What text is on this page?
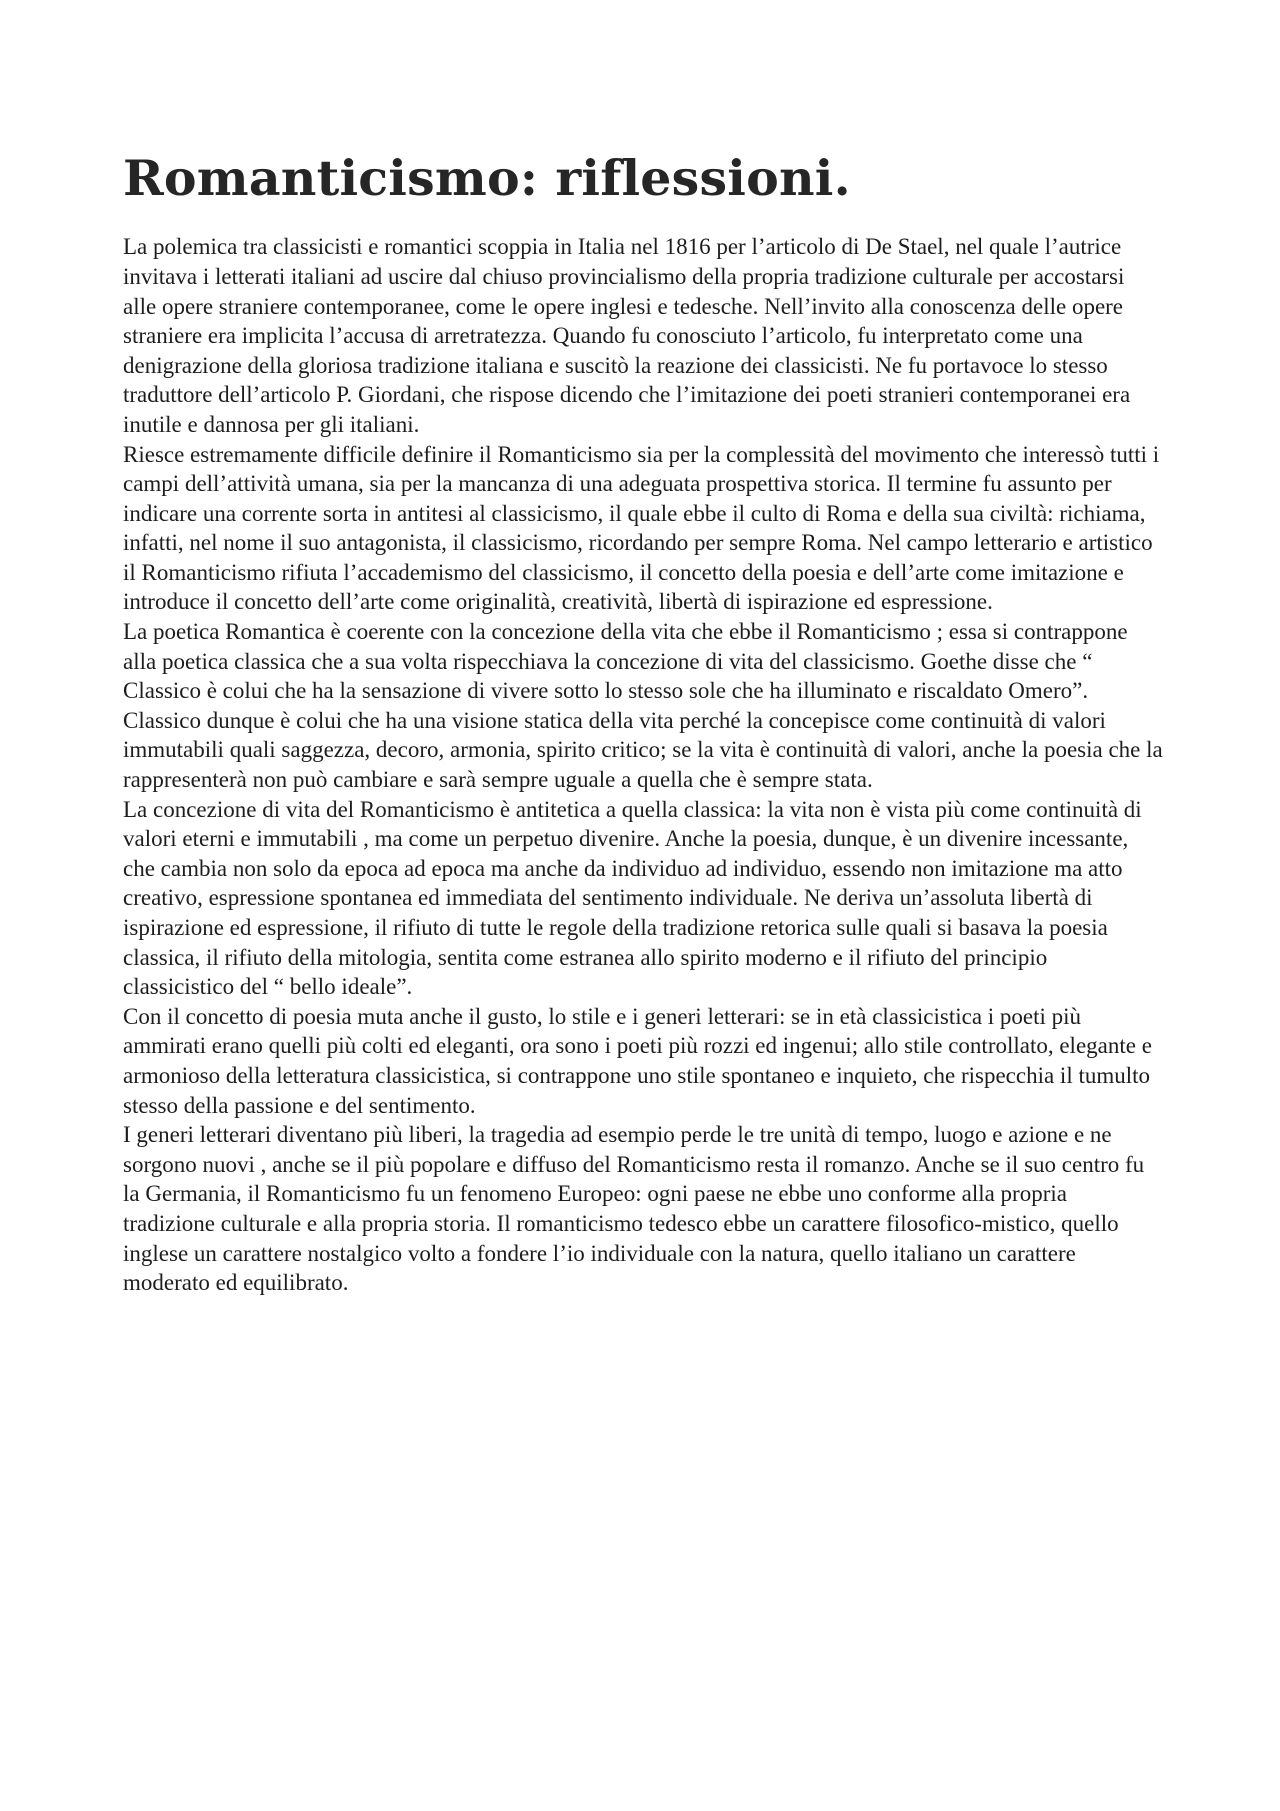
Romanticismo: riflessioni.

La polemica tra classicisti e romantici scoppia in Italia nel 1816 per l’articolo di De Stael, nel quale l’autrice invitava i letterati italiani ad uscire dal chiuso provincialismo della propria tradizione culturale per accostarsi alle opere straniere contemporanee, come le opere inglesi e tedesche. Nell’invito alla conoscenza delle opere straniere era implicita l’accusa di arretratezza. Quando fu conosciuto l’articolo, fu interpretato come una denigrazione della gloriosa tradizione italiana e suscitò la reazione dei classicisti. Ne fu portavoce lo stesso traduttore dell’articolo P. Giordani, che rispose dicendo che l’imitazione dei poeti stranieri contemporanei era inutile e dannosa per gli italiani.

Riesce estremamente difficile definire il Romanticismo sia per la complessità del movimento che interessò tutti i campi dell’attività umana, sia per la mancanza di una adeguata prospettiva storica. Il termine fu assunto per indicare una corrente sorta in antitesi al classicismo, il quale ebbe il culto di Roma e della sua civiltà: richiama, infatti, nel nome il suo antagonista, il classicismo, ricordando per sempre Roma. Nel campo letterario e artistico il Romanticismo rifiuta l’accademismo del classicismo, il concetto della poesia e dell’arte come imitazione e introduce il concetto dell’arte come originalità, creatività, libertà di ispirazione ed espressione.

La poetica Romantica è coerente con la concezione della vita che ebbe il Romanticismo ; essa si contrappone alla poetica classica che a sua volta rispecchiava la concezione di vita del classicismo. Goethe disse che “ Classico è colui che ha la sensazione di vivere sotto lo stesso sole che ha illuminato e riscaldato Omero”. Classico dunque è colui che ha una visione statica della vita perché la concepisce come continuità di valori immutabili quali saggezza, decoro, armonia, spirito critico; se la vita è continuità di valori, anche la poesia che la rappresenterà non può cambiare e sarà sempre uguale a quella che è sempre stata.

La concezione di vita del Romanticismo è antitetica a quella classica: la vita non è vista più come continuità di valori eterni e immutabili , ma come un perpetuo divenire. Anche la poesia, dunque, è un divenire incessante, che cambia non solo da epoca ad epoca ma anche da individuo ad individuo, essendo non imitazione ma atto creativo, espressione spontanea ed immediata del sentimento individuale. Ne deriva un’assoluta libertà di ispirazione ed espressione, il rifiuto di tutte le regole della tradizione retorica sulle quali si basava la poesia classica, il rifiuto della mitologia, sentita come estranea allo spirito moderno e il rifiuto del principio classicistico del “ bello ideale”.

Con il concetto di poesia muta anche il gusto, lo stile e i generi letterari: se in età classicistica i poeti più ammirati erano quelli più colti ed eleganti, ora sono i poeti più rozzi ed ingenui; allo stile controllato, elegante e armonioso della letteratura classicistica, si contrappone uno stile spontaneo e inquieto, che rispecchia il tumulto stesso della passione e del sentimento.

I generi letterari diventano più liberi, la tragedia ad esempio perde le tre unità di tempo, luogo e azione e ne sorgono nuovi , anche se il più popolare e diffuso del Romanticismo resta il romanzo. Anche se il suo centro fu la Germania, il Romanticismo fu un fenomeno Europeo: ogni paese ne ebbe uno conforme alla propria tradizione culturale e alla propria storia. Il romanticismo tedesco ebbe un carattere filosofico-mistico, quello inglese un carattere nostalgico volto a fondere l’io individuale con la natura, quello italiano un carattere moderato ed equilibrato.
